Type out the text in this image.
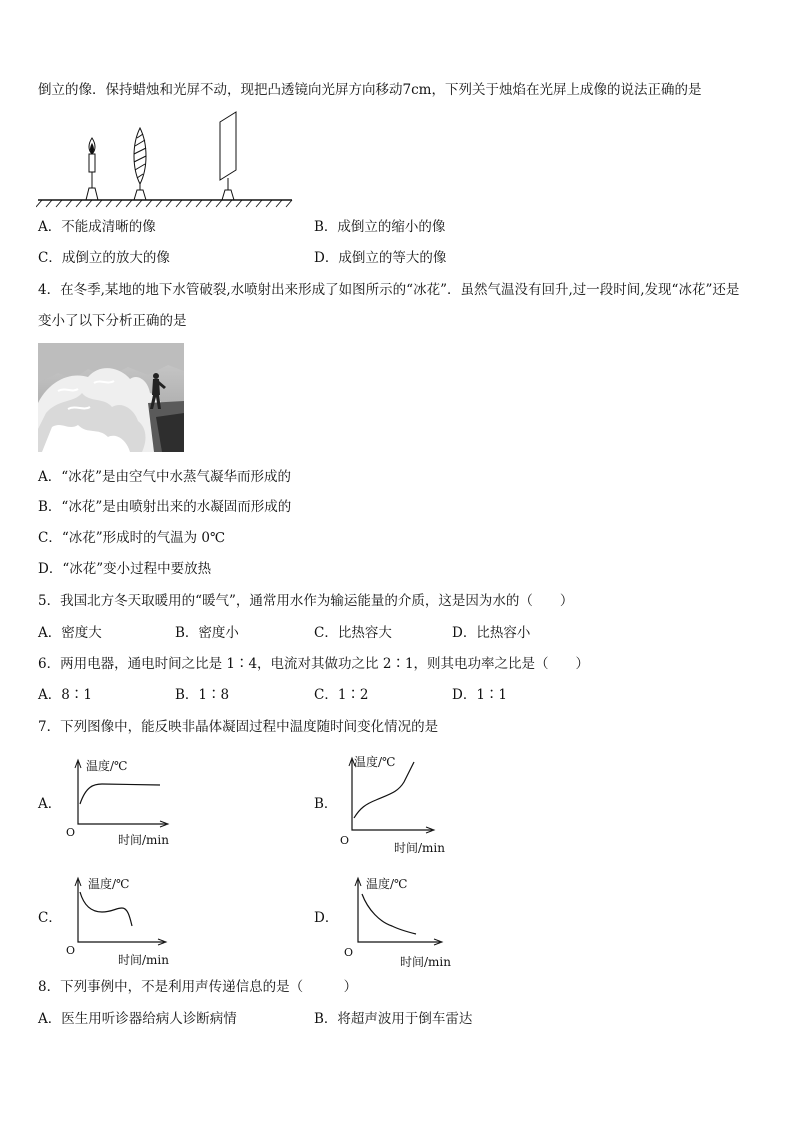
倒立的像．保持蜡烛和光屏不动，现把凸透镜向光屏方向移动7cm，下列关于烛焰在光屏上成像的说法正确的是
A．不能成清晰的像	B．成倒立的缩小的像
C．成倒立的放大的像	D．成倒立的等大的像
4．在冬季,某地的地下水管破裂,水喷射出来形成了如图所示的“冰花”．虽然气温没有回升,过一段时间,发现“冰花”还是
变小了以下分析正确的是
A．“冰花”是由空气中水蒸气凝华而形成的
B．“冰花”是由喷射出来的水凝固而形成的
C．“冰花”形成时的气温为 0℃
D．“冰花”变小过程中要放热
5．我国北方冬天取暖用的“暖气”，通常用水作为输运能量的介质，这是因为水的（　　）
A．密度大	B．密度小	C．比热容大	D．比热容小
6．两用电器，通电时间之比是 1∶4，电流对其做功之比 2∶1，则其电功率之比是（　　）
A．8∶1	B．1∶8	C．1∶2	D．1∶1
7．下列图像中，能反映非晶体凝固过程中温度随时间变化情况的是
A．
温度/℃
O
时间/min
B．
温度/℃
O
时间/min
C．
温度/℃
O
时间/min
D．
温度/℃
O
时间/min
8．下列事例中，不是利用声传递信息的是（　　　）
A．医生用听诊器给病人诊断病情	B．将超声波用于倒车雷达
